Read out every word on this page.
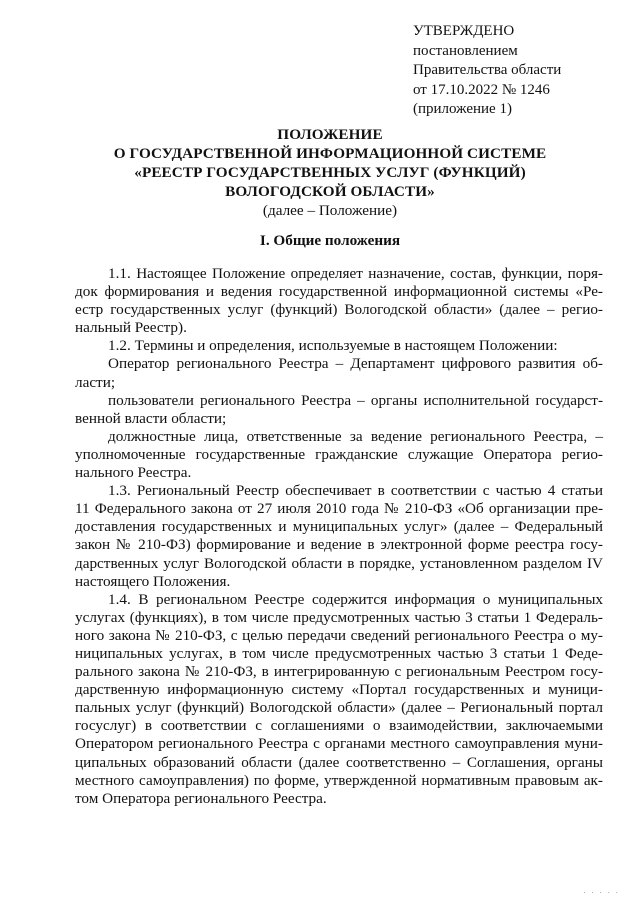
УТВЕРЖДЕНО
постановлением
Правительства области
от 17.10.2022 № 1246
(приложение 1)
ПОЛОЖЕНИЕ
О ГОСУДАРСТВЕННОЙ ИНФОРМАЦИОННОЙ СИСТЕМЕ
«РЕЕСТР ГОСУДАРСТВЕННЫХ УСЛУГ (ФУНКЦИЙ)
ВОЛОГОДСКОЙ ОБЛАСТИ»
(далее – Положение)
I. Общие положения
1.1. Настоящее Положение определяет назначение, состав, функции, поря-
док формирования и ведения государственной информационной системы «Ре-
естр государственных услуг (функций) Вологодской области» (далее – регио-
нальный Реестр).
1.2. Термины и определения, используемые в настоящем Положении:
Оператор регионального Реестра – Департамент цифрового развития об-
ласти;
пользователи регионального Реестра – органы исполнительной государст-
венной власти области;
должностные лица, ответственные за ведение регионального Реестра, –
уполномоченные государственные гражданские служащие Оператора регио-
нального Реестра.
1.3. Региональный Реестр обеспечивает в соответствии с частью 4 статьи
11 Федерального закона от 27 июля 2010 года № 210-ФЗ «Об организации пре-
доставления государственных и муниципальных услуг» (далее – Федеральный
закон № 210-ФЗ) формирование и ведение в электронной форме реестра госу-
дарственных услуг Вологодской области в порядке, установленном разделом IV
настоящего Положения.
1.4. В региональном Реестре содержится информация о муниципальных
услугах (функциях), в том числе предусмотренных частью 3 статьи 1 Федераль-
ного закона № 210-ФЗ, с целью передачи сведений регионального Реестра о му-
ниципальных услугах, в том числе предусмотренных частью 3 статьи 1 Феде-
рального закона № 210-ФЗ, в интегрированную с региональным Реестром госу-
дарственную информационную систему «Портал государственных и муници-
пальных услуг (функций) Вологодской области» (далее – Региональный портал
госуслуг) в соответствии с соглашениями о взаимодействии, заключаемыми
Оператором регионального Реестра с органами местного самоуправления муни-
ципальных образований области (далее соответственно – Соглашения, органы
местного самоуправления) по форме, утвержденной нормативным правовым ак-
том Оператора регионального Реестра.
· · · · ·
